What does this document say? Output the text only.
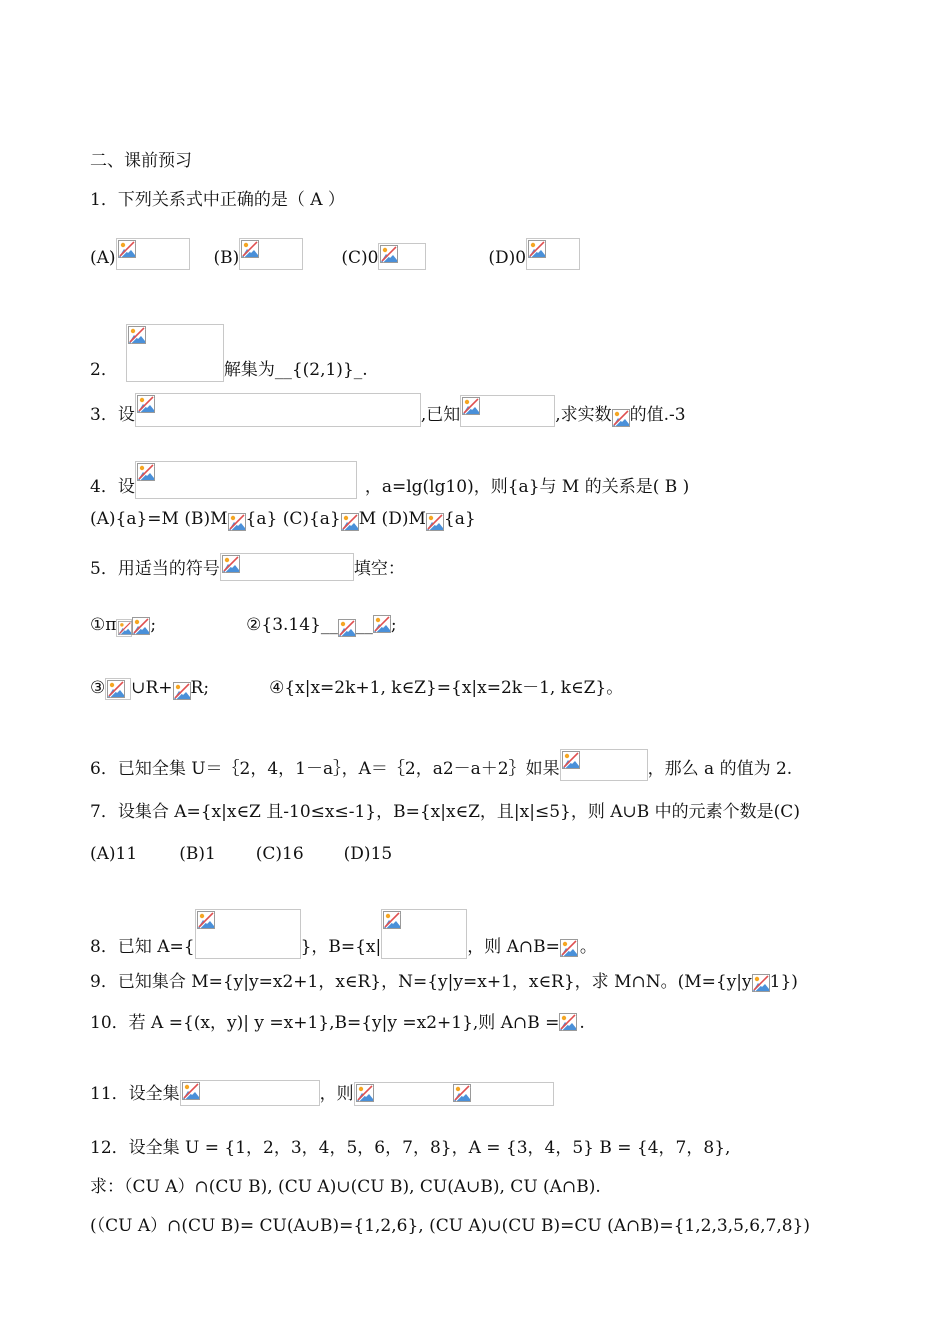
二、课前预习
1．下列关系式中正确的是（ A ）
(A)	(B)	(C)0	(D)0
2．	解集为__{(2,1)}_.
3．设	,已知	,求实数 的值.-3
4．设	，a=lg(lg10)，则{a}与 M 的关系是( B )
(A){a}=M (B)M {a} (C){a} M (D)M {a}
5．用适当的符号	填空：
①π ;	②{3.14}__ __ ;
③ ∪R+ R;	④{x|x=2k+1, k∈Z}={x|x=2k－1, k∈Z}。
6．已知全集 U＝｛2，4，1－a｝，A＝｛2，a2－a＋2｝如果	，那么 a 的值为 2.
7．设集合 A={x|x∈Z 且-10≤x≤-1}，B={x|x∈Z，且|x|≤5}，则 A∪B 中的元素个数是(C)
(A)11 (B)1 (C)16 (D)15
8．已知 A={	}，B={x|	，则 A∩B= 。
9．已知集合 M={y|y=x2+1，x∈R}，N={y|y=x+1，x∈R}，求 M∩N。(M={y|y 1})
10．若 A ={(x，y)| y =x+1},B={y|y =x2+1},则 A∩B = .
11．设全集	，则
12．设全集 U = {1，2，3，4，5，6，7，8}，A = {3，4，5} B = {4，7，8},
求：（CU A）∩(CU B), (CU A)∪(CU B), CU(A∪B), CU (A∩B).
(（CU A）∩(CU B)= CU(A∪B)={1,2,6}, (CU A)∪(CU B)=CU (A∩B)={1,2,3,5,6,7,8})
